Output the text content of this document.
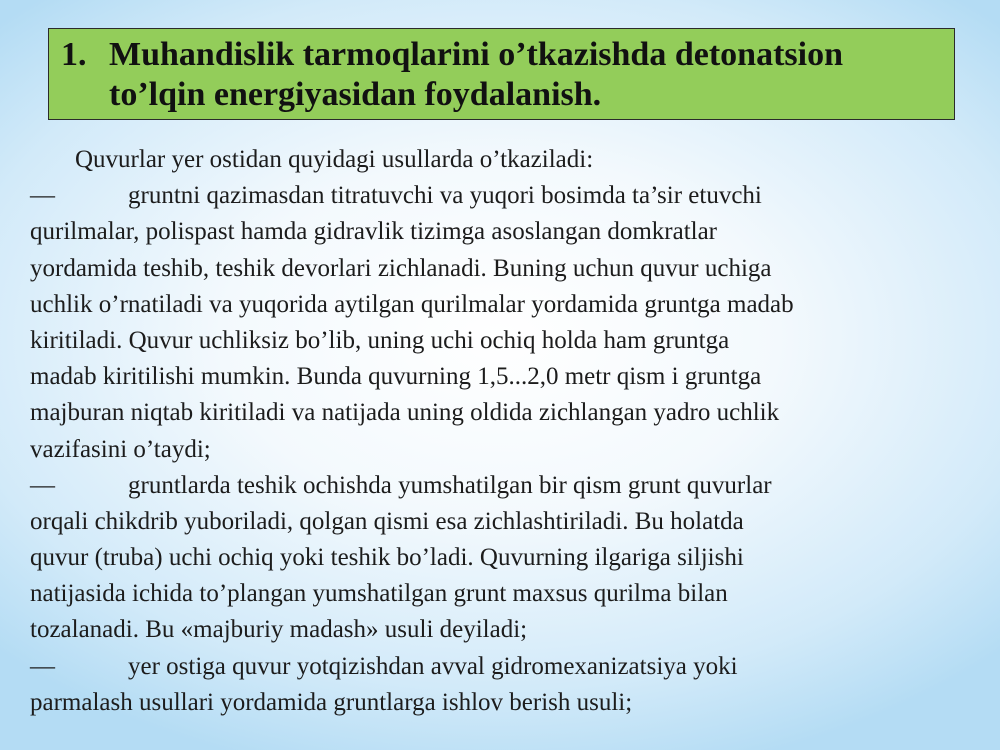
1. Muhandislik tarmoqlarini o’tkazishda detonatsion
to’lqin energiyasidan foydalanish.
Quvurlar yer ostidan quyidagi usullarda o’tkaziladi:
—	gruntni qazimasdan titratuvchi va yuqori bosimda ta’sir etuvchi
qurilmalar, polispast hamda gidravlik tizimga asoslangan domkratlar
yordamida teshib, teshik devorlari zichlanadi. Buning uchun quvur uchiga
uchlik o’rnatiladi va yuqorida aytilgan qurilmalar yordamida gruntga madab
kiritiladi. Quvur uchliksiz bo’lib, uning uchi ochiq holda ham gruntga
madab kiritilishi mumkin. Bunda quvurning 1,5...2,0 metr qism i gruntga
majburan niqtab kiritiladi va natijada uning oldida zichlangan yadro uchlik
vazifasini o’taydi;
—	gruntlarda teshik ochishda yumshatilgan bir qism grunt quvurlar
orqali chikdrib yuboriladi, qolgan qismi esa zichlashtiriladi. Bu holatda
quvur (truba) uchi ochiq yoki teshik bo’ladi. Quvurning ilgariga siljishi
natijasida ichida to’plangan yumshatilgan grunt maxsus qurilma bilan
tozalanadi. Bu «majburiy madash» usuli deyiladi;
—	yer ostiga quvur yotqizishdan avval gidromexanizatsiya yoki
parmalash usullari yordamida gruntlarga ishlov berish usuli;
